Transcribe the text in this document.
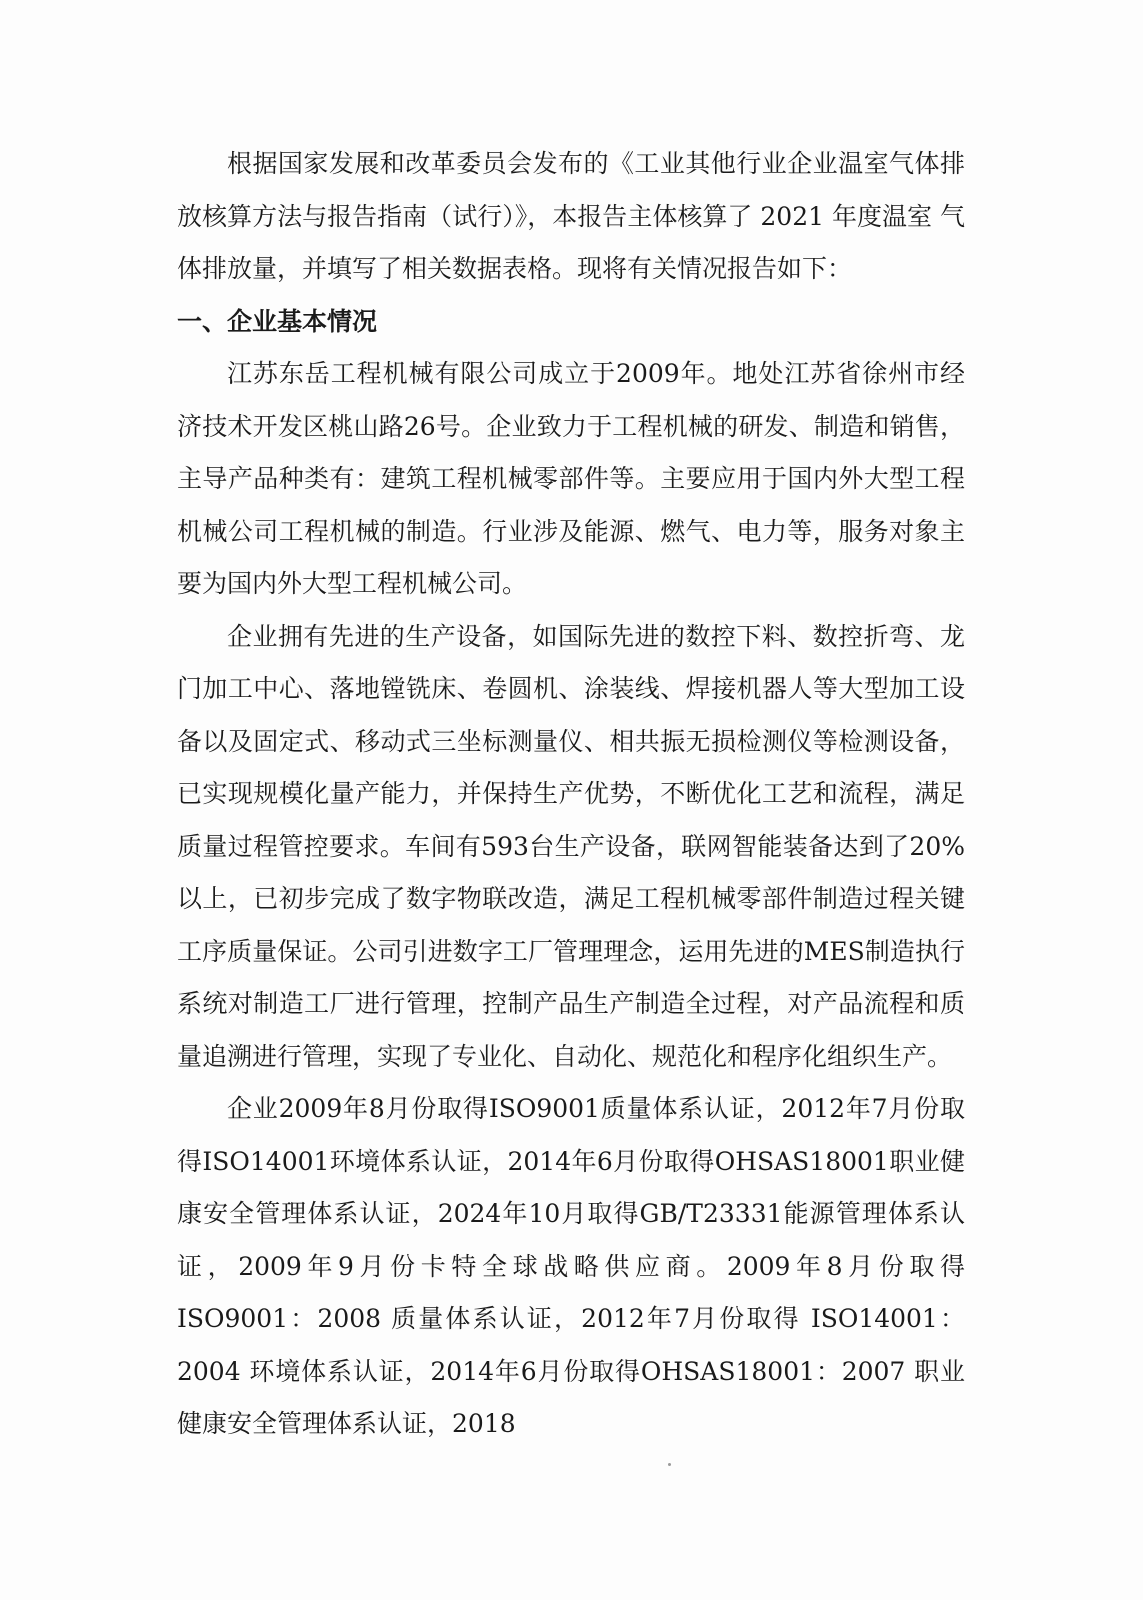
根据国家发展和改革委员会发布的《工业其他行业企业温室气体排放核算方法与报告指南（试行）》，本报告主体核算了 2021 年度温室 气体排放量，并填写了相关数据表格。现将有关情况报告如下：

一、企业基本情况

江苏东岳工程机械有限公司成立于2009年。地处江苏省徐州市经济技术开发区桃山路26号。企业致力于工程机械的研发、制造和销售，主导产品种类有：建筑工程机械零部件等。主要应用于国内外大型工程机械公司工程机械的制造。行业涉及能源、燃气、电力等，服务对象主要为国内外大型工程机械公司。

企业拥有先进的生产设备，如国际先进的数控下料、数控折弯、龙门加工中心、落地镗铣床、卷圆机、涂装线、焊接机器人等大型加工设备以及固定式、移动式三坐标测量仪、相共振无损检测仪等检测设备，已实现规模化量产能力，并保持生产优势，不断优化工艺和流程，满足质量过程管控要求。车间有593台生产设备，联网智能装备达到了20%以上，已初步完成了数字物联改造，满足工程机械零部件制造过程关键工序质量保证。公司引进数字工厂管理理念，运用先进的MES制造执行系统对制造工厂进行管理，控制产品生产制造全过程，对产品流程和质量追溯进行管理，实现了专业化、自动化、规范化和程序化组织生产。

企业2009年8月份取得ISO9001质量体系认证，2012年7月份取得ISO14001环境体系认证，2014年6月份取得OHSAS18001职业健康安全管理体系认证，2024年10月取得GB/T23331能源管理体系认证，2009年9月份卡特全球战略供应商。2009年8月份取得 ISO9001：2008 质量体系认证，2012年7月份取得 ISO14001：2004 环境体系认证，2014年6月份取得OHSAS18001：2007 职业健康安全管理体系认证，2018
